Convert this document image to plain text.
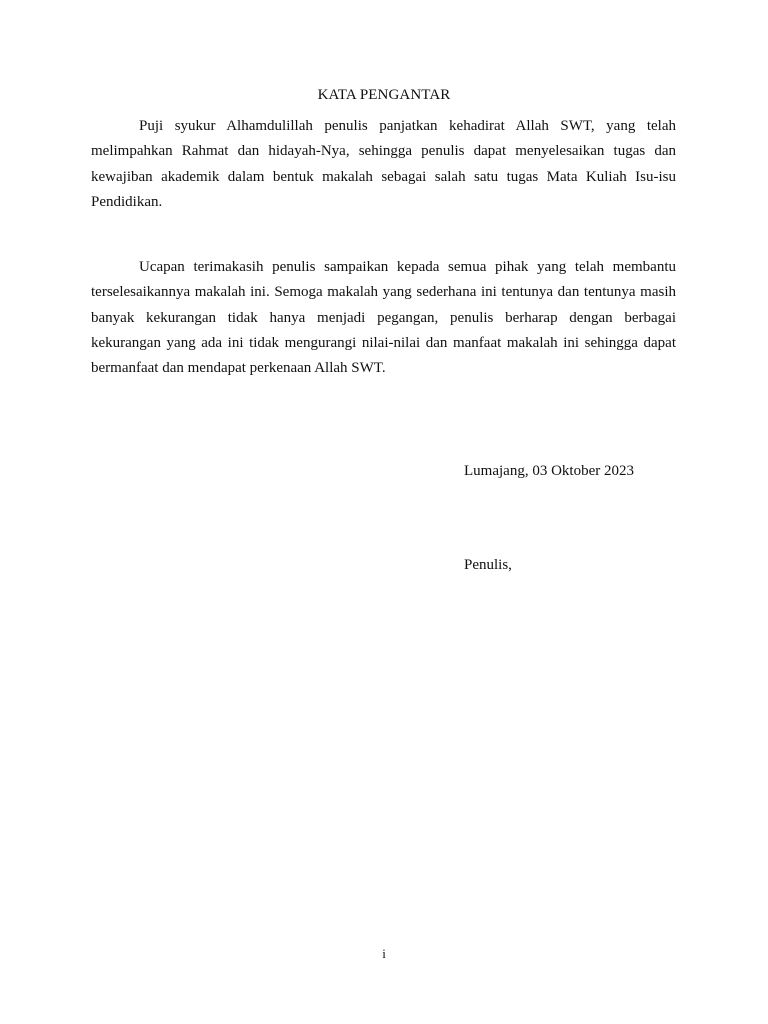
KATA PENGANTAR

Puji syukur Alhamdulillah penulis panjatkan kehadirat Allah SWT, yang telah melimpahkan Rahmat dan hidayah-Nya, sehingga penulis dapat menyelesaikan tugas dan kewajiban akademik dalam bentuk makalah sebagai salah satu tugas Mata Kuliah Isu-isu Pendidikan.

Ucapan terimakasih penulis sampaikan kepada semua pihak yang telah membantu terselesaikannya makalah ini. Semoga makalah yang sederhana ini tentunya dan tentunya masih banyak kekurangan tidak hanya menjadi pegangan, penulis berharap dengan berbagai kekurangan yang ada ini tidak mengurangi nilai-nilai dan manfaat makalah ini sehingga dapat bermanfaat dan mendapat perkenaan Allah SWT.

Lumajang, 03 Oktober 2023
Penulis,
i
